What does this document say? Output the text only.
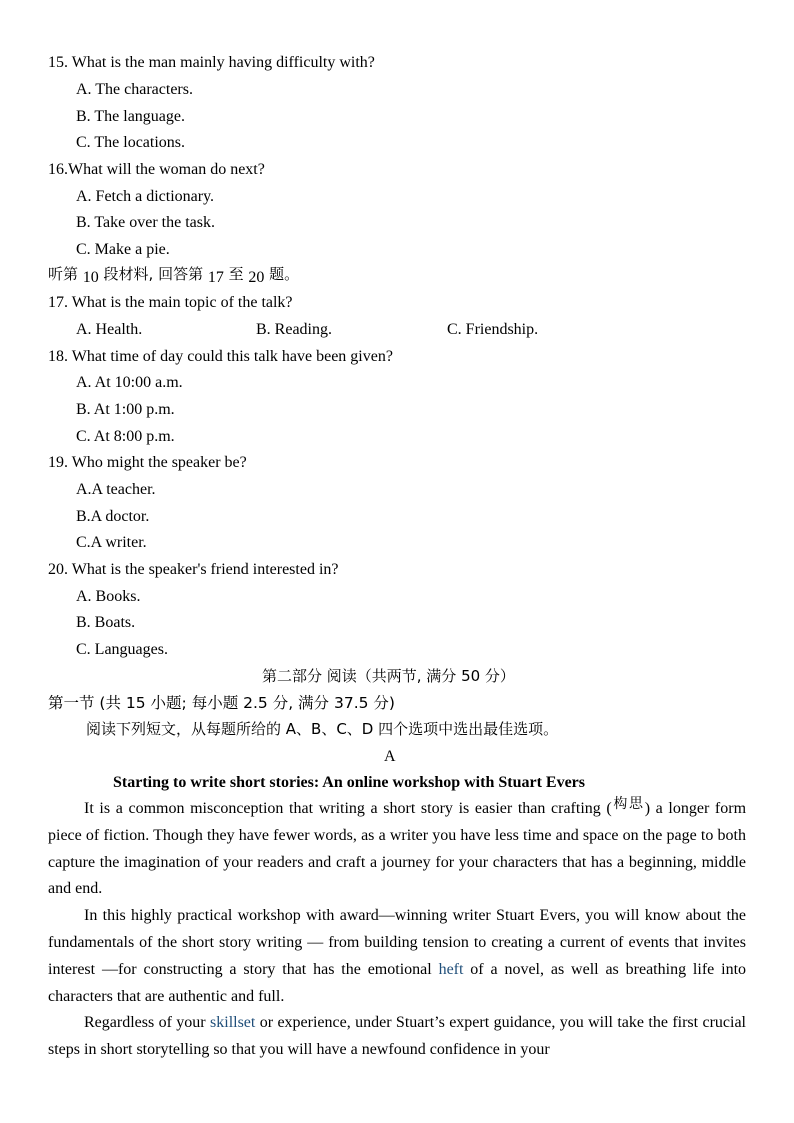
15. What is the man mainly having difficulty with?
A. The characters.
B. The language.
C. The locations.
16.What will the woman do next?
A. Fetch a dictionary.
B. Take over the task.
C. Make a pie.
听第 10 段材料, 回答第 17 至 20 题。
17. What is the main topic of the talk?
A. Health.	B. Reading.	C. Friendship.
18. What time of day could this talk have been given?
A. At 10:00 a.m.
B. At 1:00 p.m.
C. At 8:00 p.m.
19. Who might the speaker be?
A.A teacher.
B.A doctor.
C.A writer.
20. What is the speaker's friend interested in?
A. Books.
B. Boats.
C. Languages.
第二部分 阅读（共两节, 满分 50 分）
第一节 (共 15 小题; 每小题 2.5 分, 满分 37.5 分)
阅读下列短文，从每题所给的 A、B、C、D 四个选项中选出最佳选项。
A
Starting to write short stories: An online workshop with Stuart Evers

It is a common misconception that writing a short story is easier than crafting (构思) a longer form piece of fiction. Though they have fewer words, as a writer you have less time and space on the page to both capture the imagination of your readers and craft a journey for your characters that has a beginning, middle and end.

In this highly practical workshop with award—winning writer Stuart Evers, you will know about the fundamentals of the short story writing — from building tension to creating a current of events that invites interest —for constructing a story that has the emotional heft of a novel, as well as breathing life into characters that are authentic and full.

Regardless of your skillset or experience, under Stuart’s expert guidance, you will take the first crucial steps in short storytelling so that you will have a newfound confidence in your
